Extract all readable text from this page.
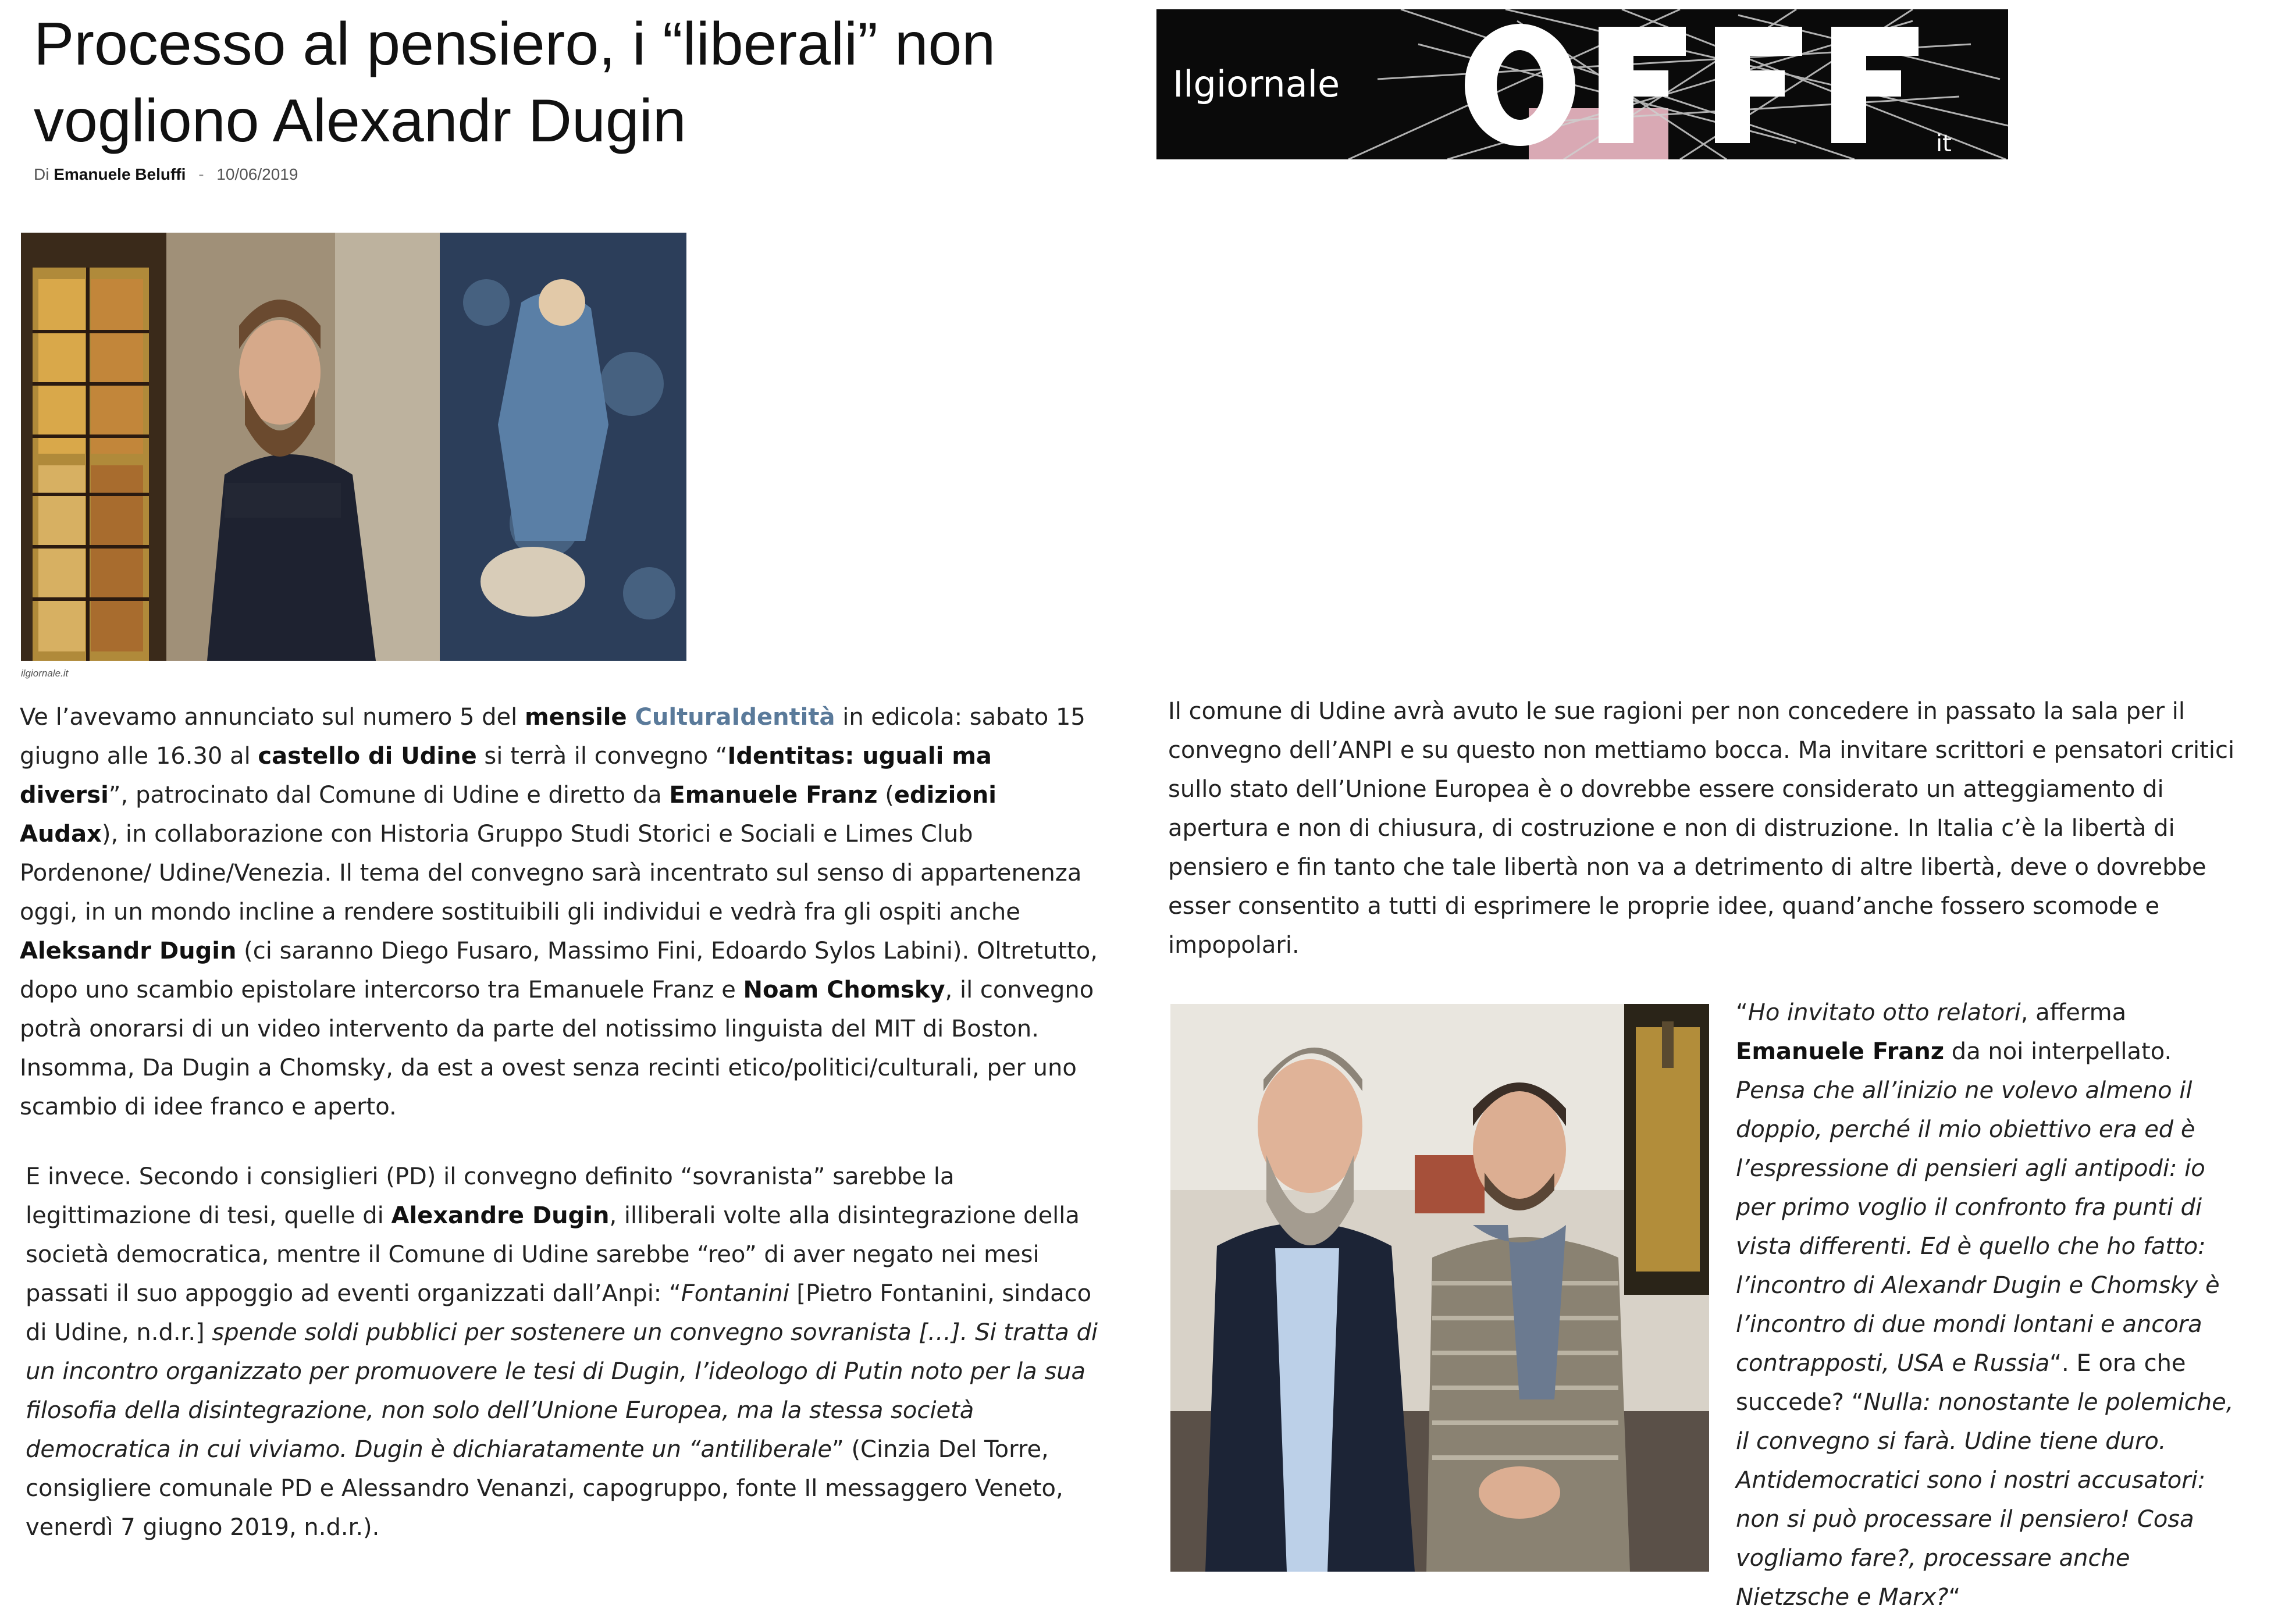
Processo al pensiero, i “liberali” non vogliono Alexandr Dugin
Di Emanuele Beluffi - 10/06/2019
Ilgiornale
it
ilgiornale.it

Ve l’avevamo annunciato sul numero 5 del mensile CulturaIdentità in edicola: sabato 15 giugno alle 16.30 al castello di Udine si terrà il convegno “Identitas: uguali ma diversi”, patrocinato dal Comune di Udine e diretto da Emanuele Franz (edizioni Audax), in collaborazione con Historia Gruppo Studi Storici e Sociali e Limes Club Pordenone/ Udine/Venezia. Il tema del convegno sarà incentrato sul senso di appartenenza oggi, in un mondo incline a rendere sostituibili gli individui e vedrà fra gli ospiti anche Aleksandr Dugin (ci saranno Diego Fusaro, Massimo Fini, Edoardo Sylos Labini). Oltretutto, dopo uno scambio epistolare intercorso tra Emanuele Franz e Noam Chomsky, il convegno potrà onorarsi di un video intervento da parte del notissimo linguista del MIT di Boston. Insomma, Da Dugin a Chomsky, da est a ovest senza recinti etico/politici/culturali, per uno scambio di idee franco e aperto.

E invece. Secondo i consiglieri (PD) il convegno definito “sovranista” sarebbe la legittimazione di tesi, quelle di Alexandre Dugin, illiberali volte alla disintegrazione della società democratica, mentre il Comune di Udine sarebbe “reo” di aver negato nei mesi passati il suo appoggio ad eventi organizzati dall’Anpi: “Fontanini [Pietro Fontanini, sindaco di Udine, n.d.r.] spende soldi pubblici per sostenere un convegno sovranista […]. Si tratta di un incontro organizzato per promuovere le tesi di Dugin, l’ideologo di Putin noto per la sua filosofia della disintegrazione, non solo dell’Unione Europea, ma la stessa società democratica in cui viviamo. Dugin è dichiaratamente un “antiliberale” (Cinzia Del Torre, consigliere comunale PD e Alessandro Venanzi, capogruppo, fonte Il messaggero Veneto, venerdì 7 giugno 2019, n.d.r.).

Il comune di Udine avrà avuto le sue ragioni per non concedere in passato la sala per il convegno dell’ANPI e su questo non mettiamo bocca. Ma invitare scrittori e pensatori critici sullo stato dell’Unione Europea è o dovrebbe essere considerato un atteggiamento di apertura e non di chiusura, di costruzione e non di distruzione. In Italia c’è la libertà di pensiero e fin tanto che tale libertà non va a detrimento di altre libertà, deve o dovrebbe esser consentito a tutti di esprimere le proprie idee, quand’anche fossero scomode e impopolari.

“Ho invitato otto relatori, afferma Emanuele Franz da noi interpellato. Pensa che all’inizio ne volevo almeno il doppio, perché il mio obiettivo era ed è l’espressione di pensieri agli antipodi: io per primo voglio il confronto fra punti di vista differenti. Ed è quello che ho fatto: l’incontro di Alexandr Dugin e Chomsky è l’incontro di due mondi lontani e ancora contrapposti, USA e Russia“. E ora che succede? “Nulla: nonostante le polemiche, il convegno si farà. Udine tiene duro. Antidemocratici sono i nostri accusatori: non si può processare il pensiero! Cosa vogliamo fare?, processare anche Nietzsche e Marx?“
